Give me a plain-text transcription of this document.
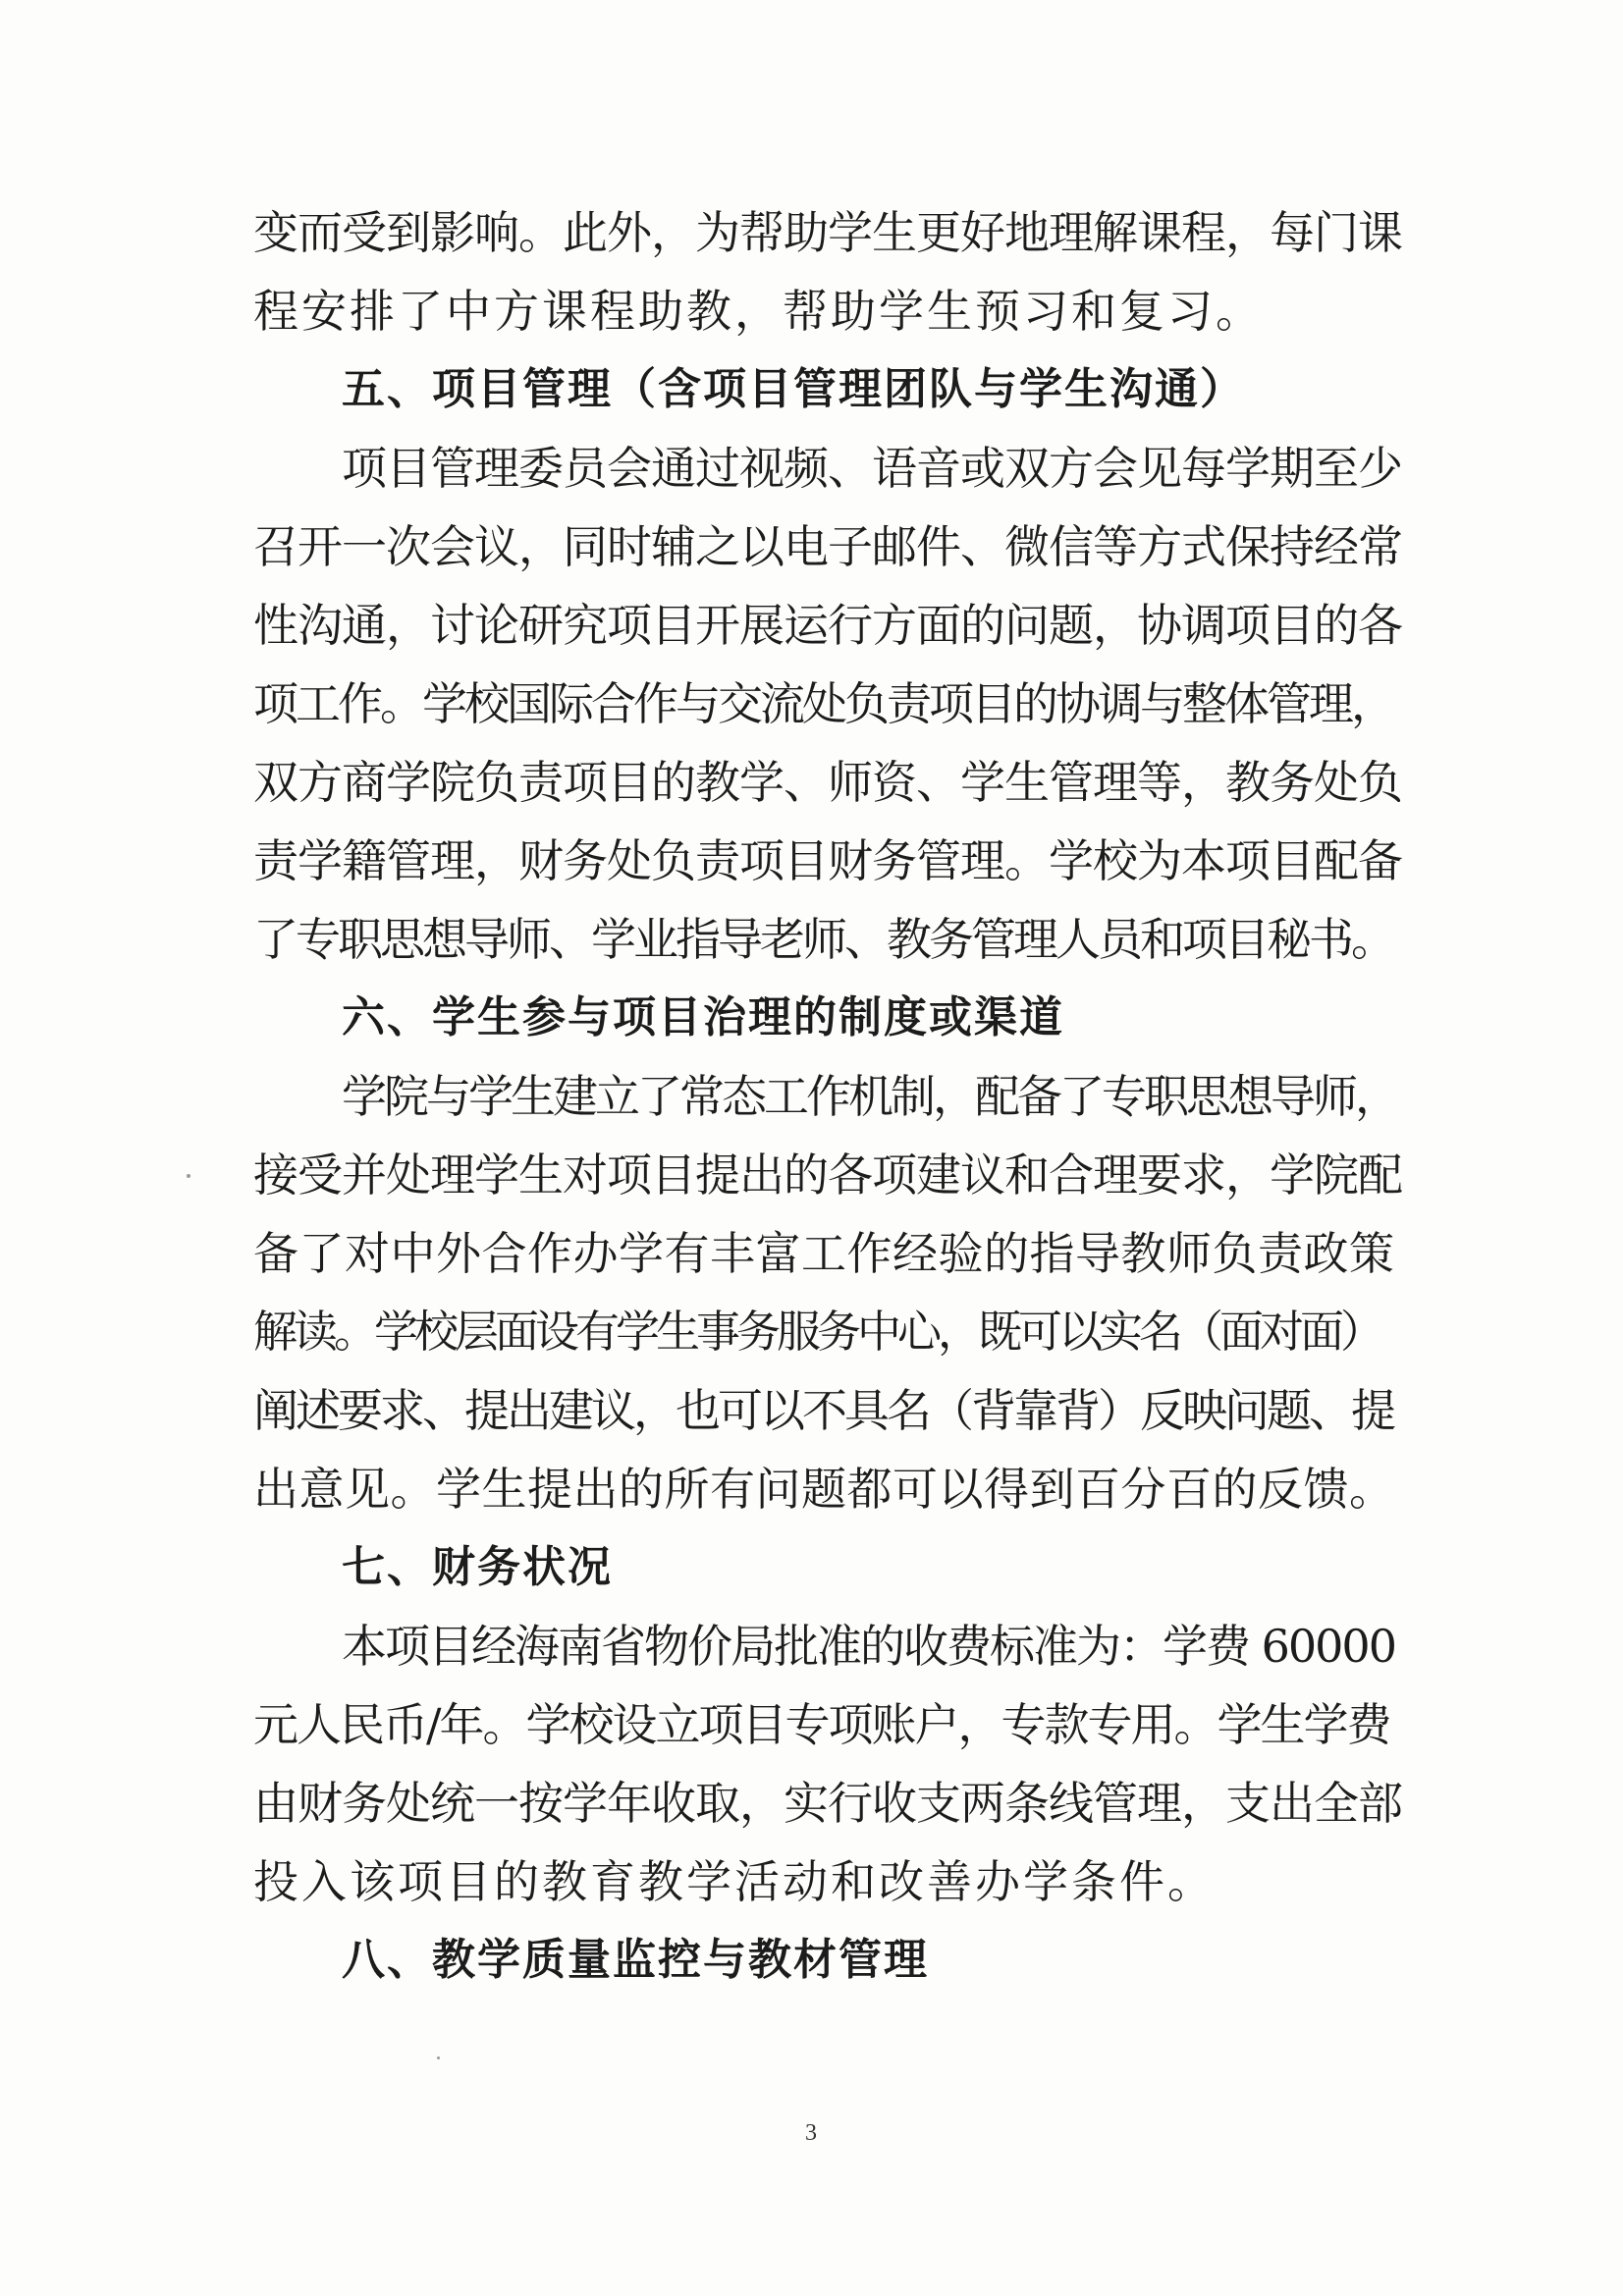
变而受到影响。此外，为帮助学生更好地理解课程，每门课
程安排了中方课程助教，帮助学生预习和复习。
五、项目管理（含项目管理团队与学生沟通）
项目管理委员会通过视频、语音或双方会见每学期至少
召开一次会议，同时辅之以电子邮件、微信等方式保持经常
性沟通，讨论研究项目开展运行方面的问题，协调项目的各
项工作。学校国际合作与交流处负责项目的协调与整体管理，
双方商学院负责项目的教学、师资、学生管理等，教务处负
责学籍管理，财务处负责项目财务管理。学校为本项目配备
了专职思想导师、学业指导老师、教务管理人员和项目秘书。
六、学生参与项目治理的制度或渠道
学院与学生建立了常态工作机制，配备了专职思想导师，
接受并处理学生对项目提出的各项建议和合理要求，学院配
备了对中外合作办学有丰富工作经验的指导教师负责政策
解读。学校层面设有学生事务服务中心，既可以实名（面对面）
阐述要求、提出建议，也可以不具名（背靠背）反映问题、提
出意见。学生提出的所有问题都可以得到百分百的反馈。
七、财务状况
本项目经海南省物价局批准的收费标准为：学费 60000
元人民币/年。学校设立项目专项账户，专款专用。学生学费
由财务处统一按学年收取，实行收支两条线管理，支出全部
投入该项目的教育教学活动和改善办学条件。
八、教学质量监控与教材管理
3
